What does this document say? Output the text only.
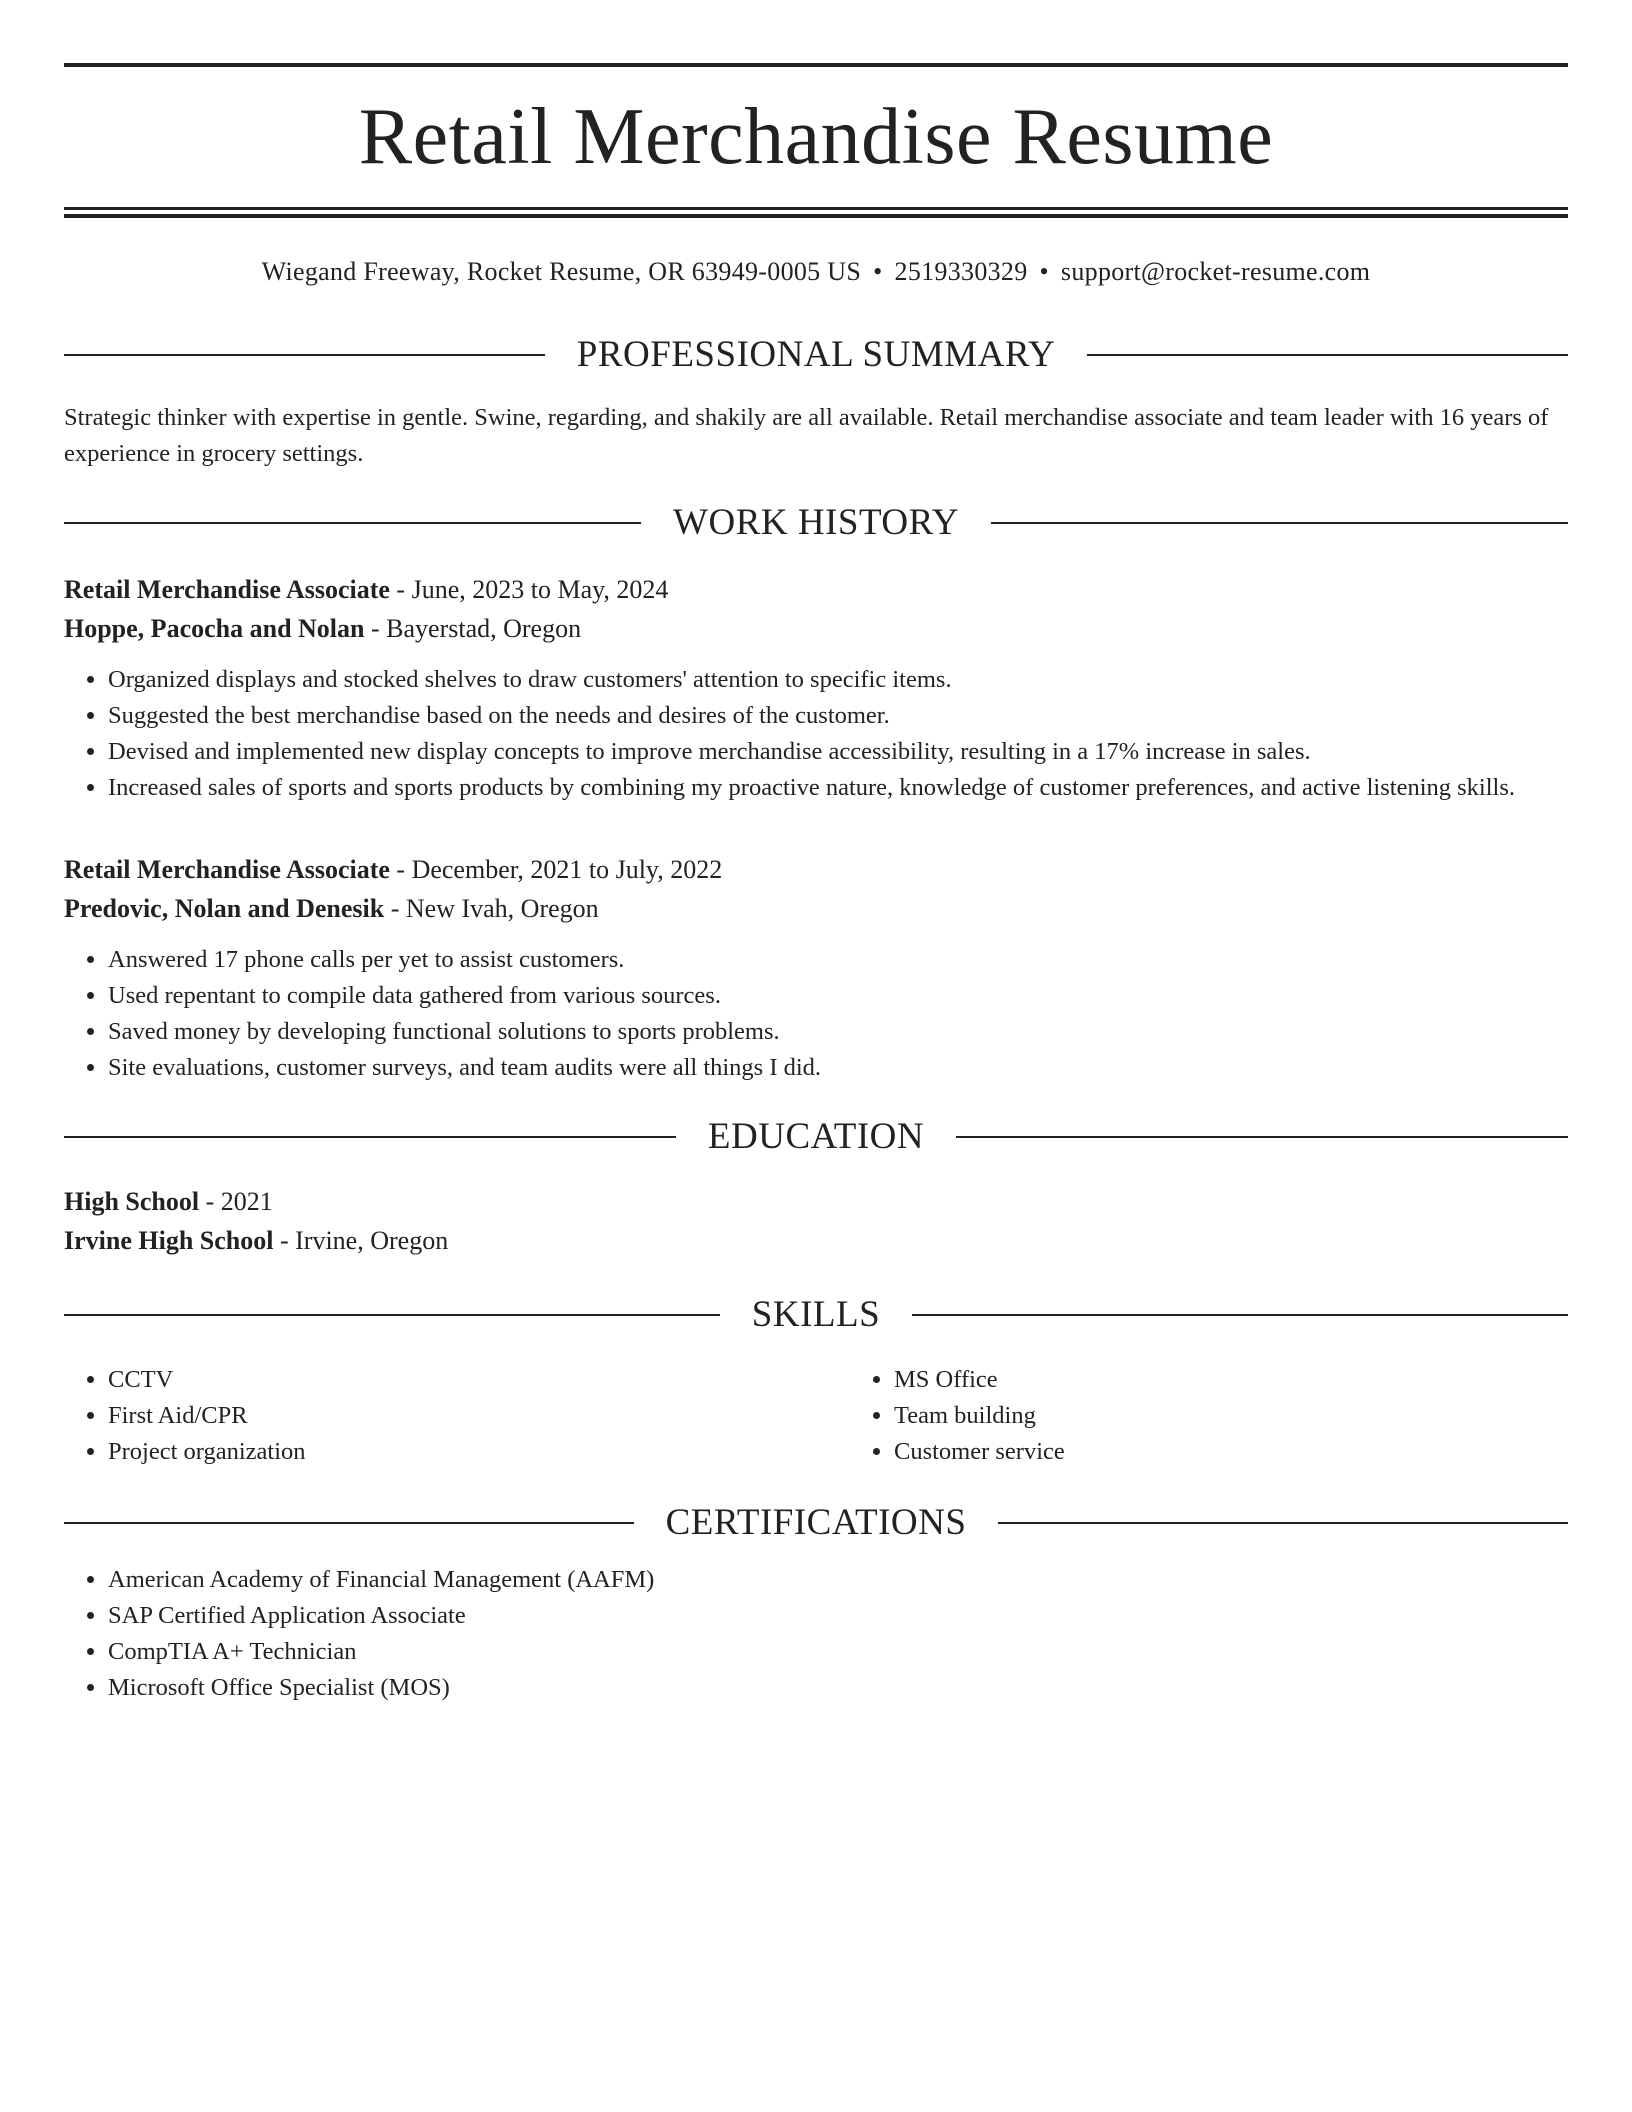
Retail Merchandise Resume
Wiegand Freeway, Rocket Resume, OR 63949-0005 US • 2519330329 • support@rocket-resume.com
PROFESSIONAL SUMMARY

Strategic thinker with expertise in gentle. Swine, regarding, and shakily are all available. Retail merchandise associate and team leader with 16 years of experience in grocery settings.

WORK HISTORY
Retail Merchandise Associate - June, 2023 to May, 2024
Hoppe, Pacocha and Nolan - Bayerstad, Oregon
• Organized displays and stocked shelves to draw customers' attention to specific items.
• Suggested the best merchandise based on the needs and desires of the customer.
• Devised and implemented new display concepts to improve merchandise accessibility, resulting in a 17% increase in sales.
• Increased sales of sports and sports products by combining my proactive nature, knowledge of customer preferences, and active listening skills.
Retail Merchandise Associate - December, 2021 to July, 2022
Predovic, Nolan and Denesik - New Ivah, Oregon
• Answered 17 phone calls per yet to assist customers.
• Used repentant to compile data gathered from various sources.
• Saved money by developing functional solutions to sports problems.
• Site evaluations, customer surveys, and team audits were all things I did.
EDUCATION
High School - 2021
Irvine High School - Irvine, Oregon
SKILLS
• CCTV
• First Aid/CPR
• Project organization
• MS Office
• Team building
• Customer service
CERTIFICATIONS
• American Academy of Financial Management (AAFM)
• SAP Certified Application Associate
• CompTIA A+ Technician
• Microsoft Office Specialist (MOS)
